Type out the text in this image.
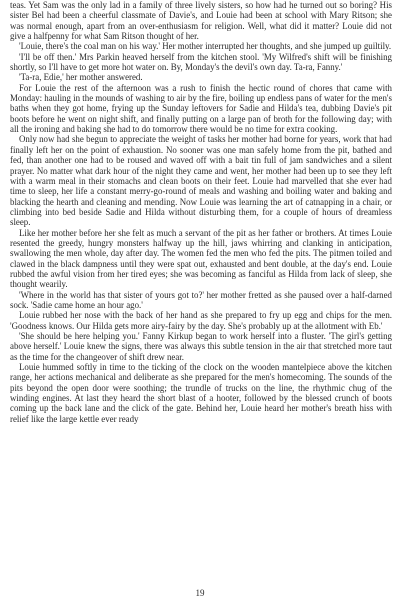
teas. Yet Sam was the only lad in a family of three lively sisters, so how had he turned out so boring? His sister Bel had been a cheerful classmate of Davie's, and Louie had been at school with Mary Ritson; she was normal enough, apart from an over-enthusiasm for religion. Well, what did it matter? Louie did not give a halfpenny for what Sam Ritson thought of her.

'Louie, there's the coal man on his way.' Her mother interrupted her thoughts, and she jumped up guiltily.

'I'll be off then.' Mrs Parkin heaved herself from the kitchen stool. 'My Wilfred's shift will be finishing shortly, so I'll have to get more hot water on. By, Monday's the devil's own day. Ta-ra, Fanny.'

'Ta-ra, Edie,' her mother answered.

For Louie the rest of the afternoon was a rush to finish the hectic round of chores that came with Monday: hauling in the mounds of washing to air by the fire, boiling up endless pans of water for the men's baths when they got home, frying up the Sunday leftovers for Sadie and Hilda's tea, dubbing Davie's pit boots before he went on night shift, and finally putting on a large pan of broth for the following day; with all the ironing and baking she had to do tomorrow there would be no time for extra cooking.

Only now had she begun to appreciate the weight of tasks her mother had borne for years, work that had finally left her on the point of exhaustion. No sooner was one man safely home from the pit, bathed and fed, than another one had to be roused and waved off with a bait tin full of jam sandwiches and a silent prayer. No matter what dark hour of the night they came and went, her mother had been up to see they left with a warm meal in their stomachs and clean boots on their feet. Louie had marvelled that she ever had time to sleep, her life a constant merry-go-round of meals and washing and boiling water and baking and blacking the hearth and cleaning and mending. Now Louie was learning the art of catnapping in a chair, or climbing into bed beside Sadie and Hilda without disturbing them, for a couple of hours of dreamless sleep.

Like her mother before her she felt as much a servant of the pit as her father or brothers. At times Louie resented the greedy, hungry monsters halfway up the hill, jaws whirring and clanking in anticipation, swallowing the men whole, day after day. The women fed the men who fed the pits. The pitmen toiled and clawed in the black dampness until they were spat out, exhausted and bent double, at the day's end. Louie rubbed the awful vision from her tired eyes; she was becoming as fanciful as Hilda from lack of sleep, she thought wearily.

'Where in the world has that sister of yours got to?' her mother fretted as she paused over a half-darned sock. 'Sadie came home an hour ago.'

Louie rubbed her nose with the back of her hand as she prepared to fry up egg and chips for the men. 'Goodness knows. Our Hilda gets more airy-fairy by the day. She's probably up at the allotment with Eb.'

'She should be here helping you.' Fanny Kirkup began to work herself into a fluster. 'The girl's getting above herself.' Louie knew the signs, there was always this subtle tension in the air that stretched more taut as the time for the changeover of shift drew near.

Louie hummed softly in time to the ticking of the clock on the wooden mantelpiece above the kitchen range, her actions mechanical and deliberate as she prepared for the men's homecoming. The sounds of the pits beyond the open door were soothing; the trundle of trucks on the line, the rhythmic chug of the winding engines. At last they heard the short blast of a hooter, followed by the blessed crunch of boots coming up the back lane and the click of the gate. Behind her, Louie heard her mother's breath hiss with relief like the large kettle ever ready

19
